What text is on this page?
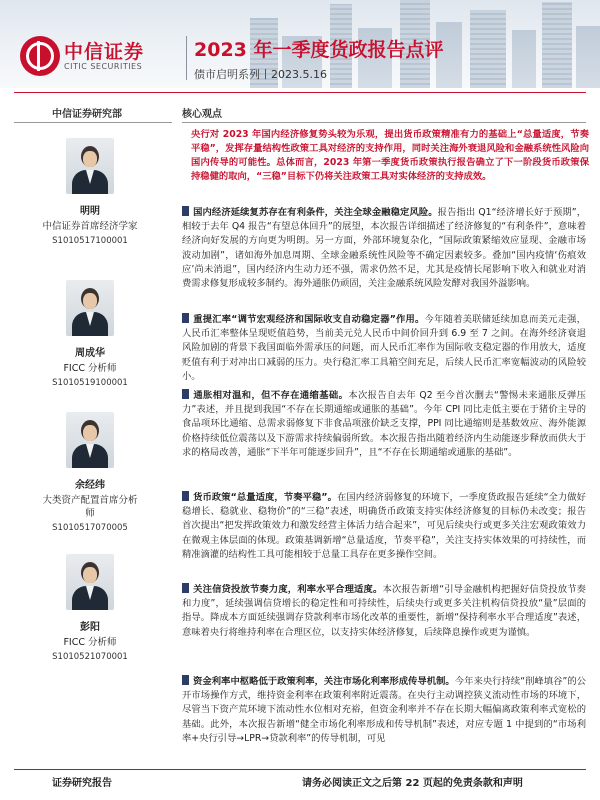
中信证券
CITIC SECURITIES
2023 年一季度货政报告点评
债市启明系列丨2023.5.16
中信证券研究部
明明
中信证券首席经济学家
S1010517100001
周成华
FICC 分析师
S1010519100001
余经纬
大类资产配置首席分析师
S1010517070005
彭阳
FICC 分析师
S1010521070001
核心观点
央行对 2023 年国内经济修复势头较为乐观，提出货币政策精准有力的基础上“总量适度，节奏平稳”，发挥存量结构性政策工具对经济的支持作用，同时关注海外衰退风险和金融系统性风险向国内传导的可能性。总体而言，2023 年第一季度货币政策执行报告确立了下一阶段货币政策保持稳健的取向，“三稳”目标下仍将关注政策工具对实体经济的支持成效。
国内经济延续复苏存在有利条件，关注全球金融稳定风险。报告指出 Q1“经济增长好于预期”，相较于去年 Q4 报告“有望总体回升”的展望，本次报告详细描述了经济修复的“有利条件”，意味着经济向好发展的方向更为明朗。另一方面，外部环境复杂化，“国际政策紧缩效应显现、金融市场波动加剧”，诸如海外加息周期、全球金融系统性风险等不确定因素较多。叠加“国内疫情‘伤痕效应’尚未消退”，国内经济内生动力还不强，需求仍然不足，尤其是疫情长尾影响下收入和就业对消费需求修复形成较多制约。海外通胀仍顽固，关注金融系统风险发酵对我国外溢影响。
重提汇率“调节宏观经济和国际收支自动稳定器”作用。今年随着美联储延续加息而美元走强，人民币汇率整体呈现贬值趋势，当前美元兑人民币中间价回升到 6.9 至 7 之间。在海外经济衰退风险加剧的背景下我国面临外需承压的问题，而人民币汇率作为国际收支稳定器的作用放大，适度贬值有利于对冲出口减弱的压力。央行稳汇率工具箱空间充足，后续人民币汇率宽幅波动的风险较小。
通胀相对温和，但不存在通缩基础。本次报告自去年 Q2 至今首次删去“警惕未来通胀反弹压力”表述，并且提到我国“不存在长期通缩或通胀的基础”。今年 CPI 同比走低主要在于猪价主导的食品项环比通缩、总需求弱修复下非食品项涨价缺乏支撑，PPI 同比通缩则是基数效应、海外能源价格持续低位震荡以及下游需求持续偏弱所致。本次报告指出随着经济内生动能逐步释放而供大于求的格局改善，通胀“下半年可能逐步回升”，且“不存在长期通缩或通胀的基础”。
货币政策“总量适度，节奏平稳”。在国内经济弱修复的环境下，一季度货政报告延续“全力做好稳增长、稳就业、稳物价”的“三稳”表述，明确货币政策支持实体经济修复的目标仍未改变；报告首次提出“把发挥政策效力和激发经营主体活力结合起来”，可见后续央行或更多关注宏观政策效力在微观主体层面的体现。政策基调新增“总量适度，节奏平稳”，关注支持实体效果的可持续性，而精准滴灌的结构性工具可能相较于总量工具存在更多操作空间。
关注信贷投放节奏力度，利率水平合理适度。本次报告新增“引导金融机构把握好信贷投放节奏和力度”，延续强调信贷增长的稳定性和可持续性，后续央行或更多关注机构信贷投放“量”层面的指导。降成本方面延续强调存贷款利率市场化改革的重要性，新增“保持利率水平合理适度”表述，意味着央行将维持利率在合理区位，以支持实体经济修复，后续降息操作或更为谨慎。
资金利率中枢略低于政策利率，关注市场化利率形成传导机制。今年来央行持续“削峰填谷”的公开市场操作方式，维持资金利率在政策利率附近震荡。在央行主动调控狭义流动性市场的环境下，尽管当下资产荒环境下流动性水位相对充裕，但资金利率并不存在长期大幅偏离政策利率式宽松的基础。此外，本次报告新增“健全市场化利率形成和传导机制”表述，对应专题 1 中提到的“市场利率+央行引导→LPR→贷款利率”的传导机制，可见
证券研究报告	请务必阅读正文之后第 22 页起的免责条款和声明
